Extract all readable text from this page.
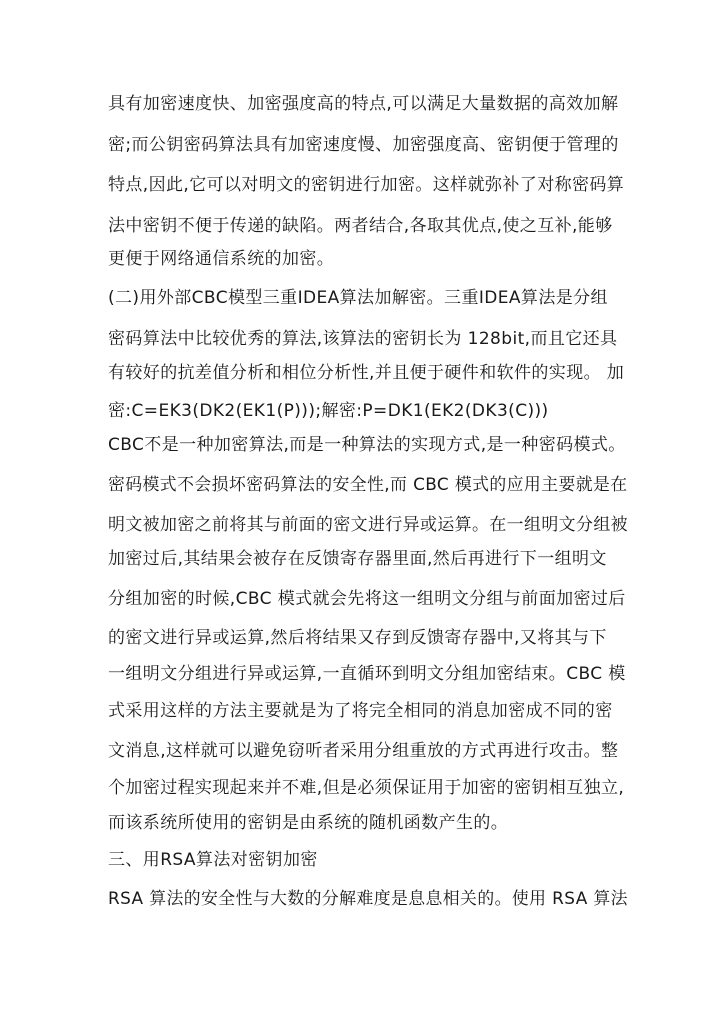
具有加密速度快、加密强度高的特点,可以满足大量数据的高效加解
密;而公钥密码算法具有加密速度慢、加密强度高、密钥便于管理的
特点,因此,它可以对明文的密钥进行加密。这样就弥补了对称密码算
法中密钥不便于传递的缺陷。两者结合,各取其优点,使之互补,能够
更便于网络通信系统的加密。
(二)用外部CBC模型三重IDEA算法加解密。三重IDEA算法是分组
密码算法中比较优秀的算法,该算法的密钥长为 128bit,而且它还具
有较好的抗差值分析和相位分析性,并且便于硬件和软件的实现。 加
密:C=EK3(DK2(EK1(P)));解密:P=DK1(EK2(DK3(C)))
CBC不是一种加密算法,而是一种算法的实现方式,是一种密码模式。
密码模式不会损坏密码算法的安全性,而 CBC 模式的应用主要就是在
明文被加密之前将其与前面的密文进行异或运算。在一组明文分组被
加密过后,其结果会被存在反馈寄存器里面,然后再进行下一组明文
分组加密的时候,CBC 模式就会先将这一组明文分组与前面加密过后
的密文进行异或运算,然后将结果又存到反馈寄存器中,又将其与下
一组明文分组进行异或运算,一直循环到明文分组加密结束。CBC 模
式采用这样的方法主要就是为了将完全相同的消息加密成不同的密
文消息,这样就可以避免窃听者采用分组重放的方式再进行攻击。整
个加密过程实现起来并不难,但是必须保证用于加密的密钥相互独立,
而该系统所使用的密钥是由系统的随机函数产生的。
三、用RSA算法对密钥加密
RSA 算法的安全性与大数的分解难度是息息相关的。使用 RSA 算法
